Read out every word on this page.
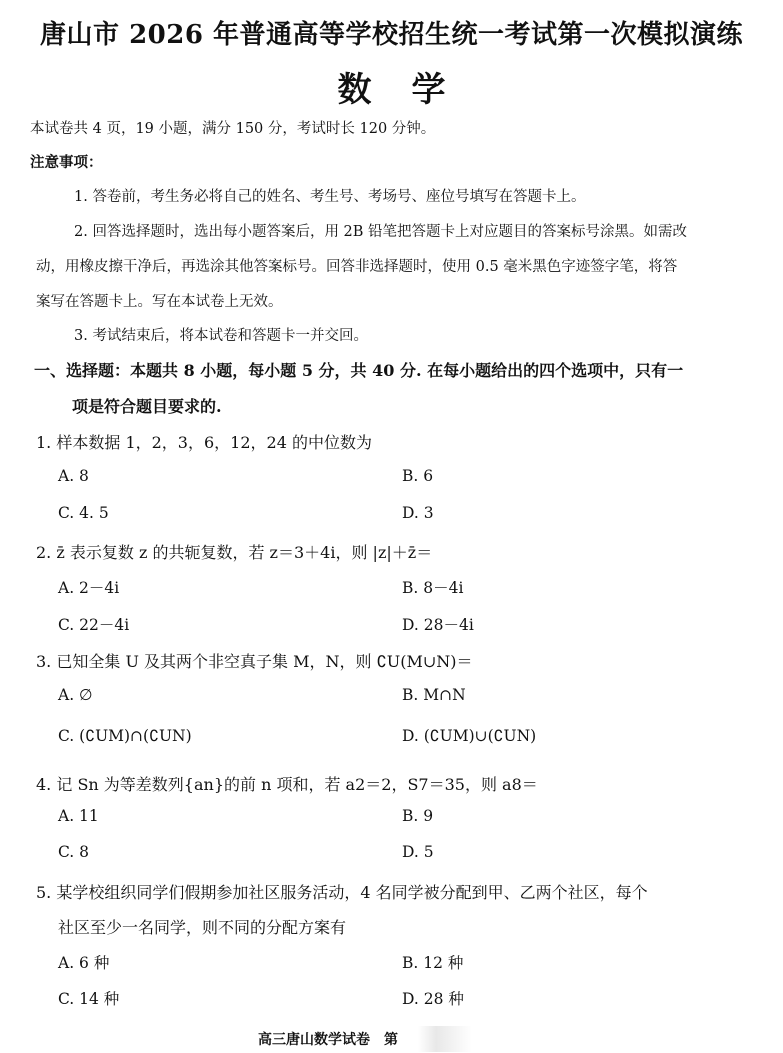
唐山市 2026 年普通高等学校招生统一考试第一次模拟演练
数学
本试卷共 4 页，19 小题，满分 150 分，考试时长 120 分钟。
注意事项：
1. 答卷前，考生务必将自己的姓名、考生号、考场号、座位号填写在答题卡上。
2. 回答选择题时，选出每小题答案后，用 2B 铅笔把答题卡上对应题目的答案标号涂黑。如需改
动，用橡皮擦干净后，再选涂其他答案标号。回答非选择题时，使用 0.5 毫米黑色字迹签字笔，将答
案写在答题卡上。写在本试卷上无效。
3. 考试结束后，将本试卷和答题卡一并交回。
一、选择题：本题共 8 小题，每小题 5 分，共 40 分. 在每小题给出的四个选项中，只有一
项是符合题目要求的.
1. 样本数据 1，2，3，6，12，24 的中位数为
A. 8	B. 6
C. 4. 5	D. 3
2. z̄ 表示复数 z 的共轭复数，若 z＝3＋4i，则 |z|＋z̄＝
A. 2－4i	B. 8－4i
C. 22－4i	D. 28－4i
3. 已知全集 U 及其两个非空真子集 M，N，则 ∁U(M∪N)＝
A. ∅	B. M∩N
C. (∁UM)∩(∁UN)	D. (∁UM)∪(∁UN)
4. 记 Sn 为等差数列{an}的前 n 项和，若 a2＝2，S7＝35，则 a8＝
A. 11	B. 9
C. 8	D. 5
5. 某学校组织同学们假期参加社区服务活动，4 名同学被分配到甲、乙两个社区，每个
社区至少一名同学，则不同的分配方案有
A. 6 种	B. 12 种
C. 14 种	D. 28 种
高三唐山数学试卷　第
